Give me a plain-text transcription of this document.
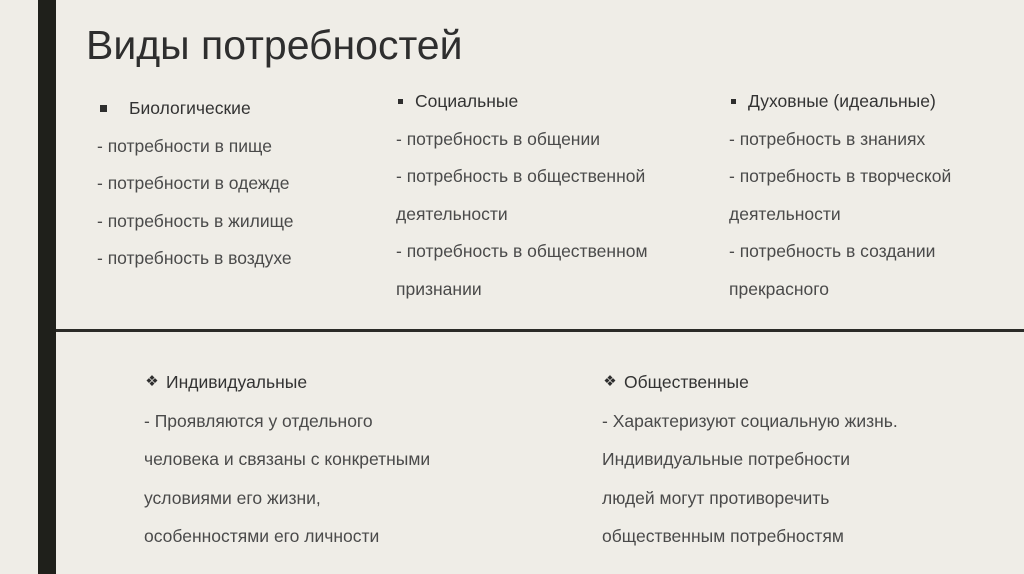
Виды потребностей
Биологические
- потребности в пище
- потребности в одежде
- потребность в жилище
- потребность в воздухе
Социальные
- потребность в общении
- потребность в общественной
деятельности
- потребность в общественном
признании
Духовные (идеальные)
- потребность в знаниях
- потребность в творческой
деятельности
- потребность в создании
прекрасного
❖ Индивидуальные
- Проявляются у отдельного
человека и связаны с конкретными
условиями его жизни,
особенностями его личности
❖ Общественные
- Характеризуют социальную жизнь.
Индивидуальные потребности
людей могут противоречить
общественным потребностям
